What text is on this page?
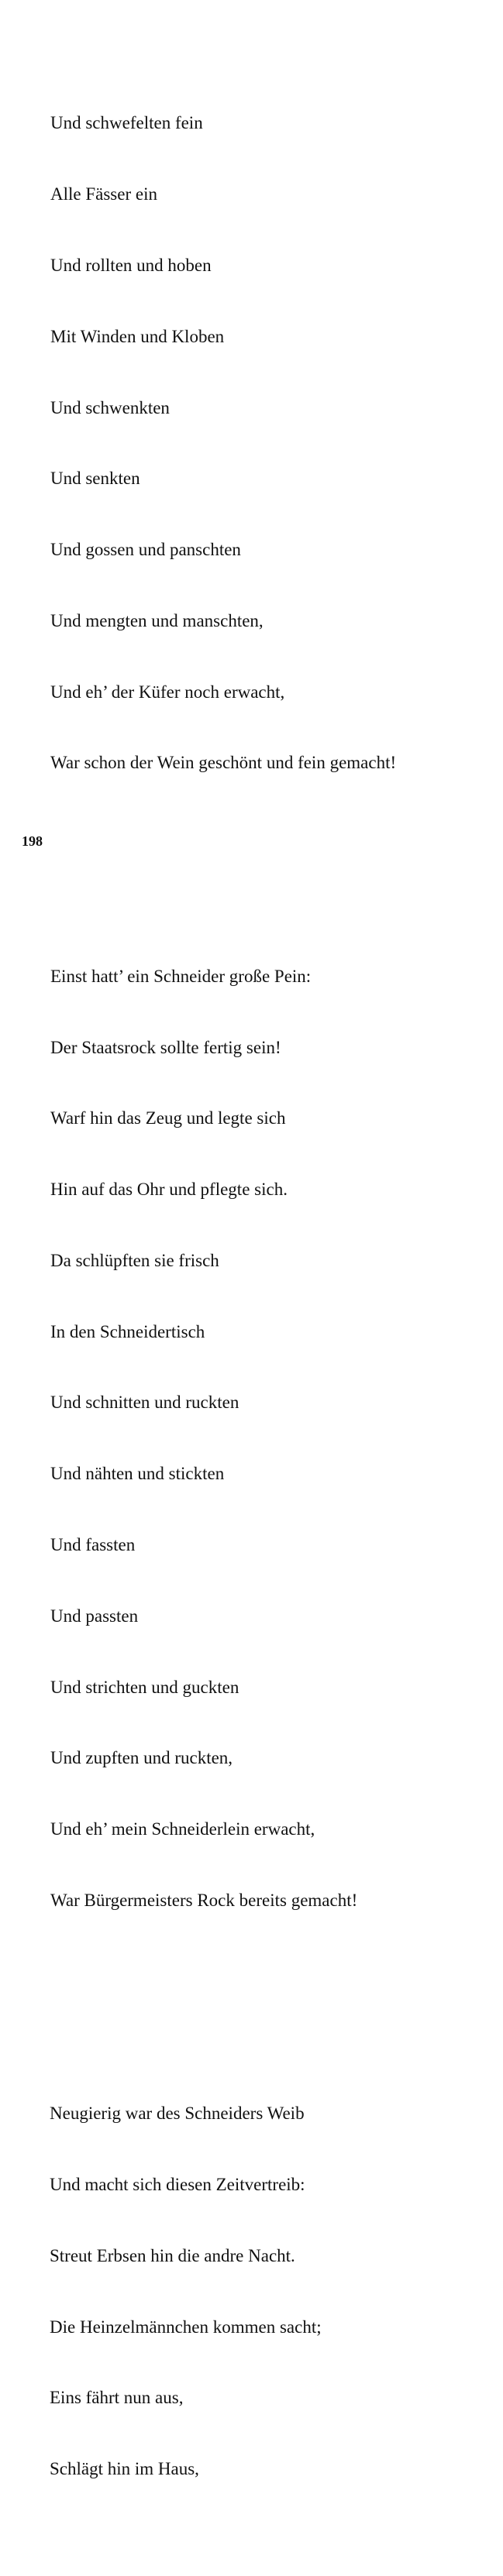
Und schwefelten fein

Alle Fässer ein

Und rollten und hoben

Mit Winden und Kloben

Und schwenkten

Und senkten

Und gossen und panschten

Und mengten und manschten,

Und eh’ der Küfer noch erwacht,

War schon der Wein geschönt und fein gemacht!

Einst hatt’ ein Schneider große Pein:

Der Staatsrock sollte fertig sein!

Warf hin das Zeug und legte sich

Hin auf das Ohr und pflegte sich.

Da schlüpften sie frisch

In den Schneidertisch

Und schnitten und ruckten

Und nähten und stickten

Und fassten

Und passten

Und strichten und guckten

Und zupften und ruckten,

Und eh’ mein Schneiderlein erwacht,

War Bürgermeisters Rock bereits gemacht!

Neugierig war des Schneiders Weib

Und macht sich diesen Zeitvertreib:

Streut Erbsen hin die andre Nacht.

Die Heinzelmännchen kommen sacht;

Eins fährt nun aus,

Schlägt hin im Haus,

198
